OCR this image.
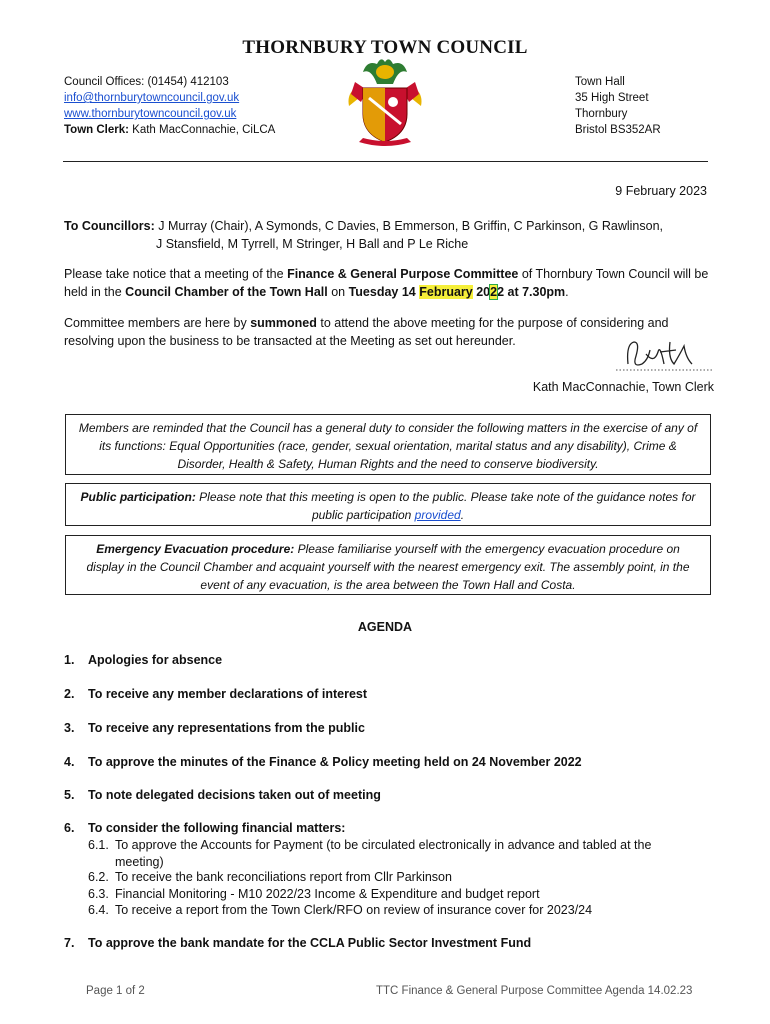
THORNBURY TOWN COUNCIL
Council Offices: (01454) 412103
info@thornburytowncouncil.gov.uk
www.thornburytowncouncil.gov.uk
Town Clerk: Kath MacConnachie, CiLCA
Town Hall
35 High Street
Thornbury
Bristol BS352AR
9 February 2023
To Councillors: J Murray (Chair), A Symonds, C Davies, B Emmerson, B Griffin, C Parkinson, G Rawlinson,
J Stansfield, M Tyrrell, M Stringer, H Ball and P Le Riche
Please take notice that a meeting of the Finance & General Purpose Committee of Thornbury Town Council will be held in the Council Chamber of the Town Hall on Tuesday 14 February 2022 at 7.30pm.
Committee members are here by summoned to attend the above meeting for the purpose of considering and resolving upon the business to be transacted at the Meeting as set out hereunder.
Kath MacConnachie, Town Clerk
Members are reminded that the Council has a general duty to consider the following matters in the exercise of any of its functions: Equal Opportunities (race, gender, sexual orientation, marital status and any disability), Crime & Disorder, Health & Safety, Human Rights and the need to conserve biodiversity.
Public participation: Please note that this meeting is open to the public. Please take note of the guidance notes for public participation provided.
Emergency Evacuation procedure: Please familiarise yourself with the emergency evacuation procedure on display in the Council Chamber and acquaint yourself with the nearest emergency exit. The assembly point, in the event of any evacuation, is the area between the Town Hall and Costa.
AGENDA
1. Apologies for absence
2. To receive any member declarations of interest
3. To receive any representations from the public
4. To approve the minutes of the Finance & Policy meeting held on 24 November 2022
5. To note delegated decisions taken out of meeting
6. To consider the following financial matters:
6.1. To approve the Accounts for Payment (to be circulated electronically in advance and tabled at the
meeting)
6.2. To receive the bank reconciliations report from Cllr Parkinson
6.3. Financial Monitoring - M10 2022/23 Income & Expenditure and budget report
6.4. To receive a report from the Town Clerk/RFO on review of insurance cover for 2023/24
7. To approve the bank mandate for the CCLA Public Sector Investment Fund
Page 1 of 2	TTC Finance & General Purpose Committee Agenda 14.02.23
